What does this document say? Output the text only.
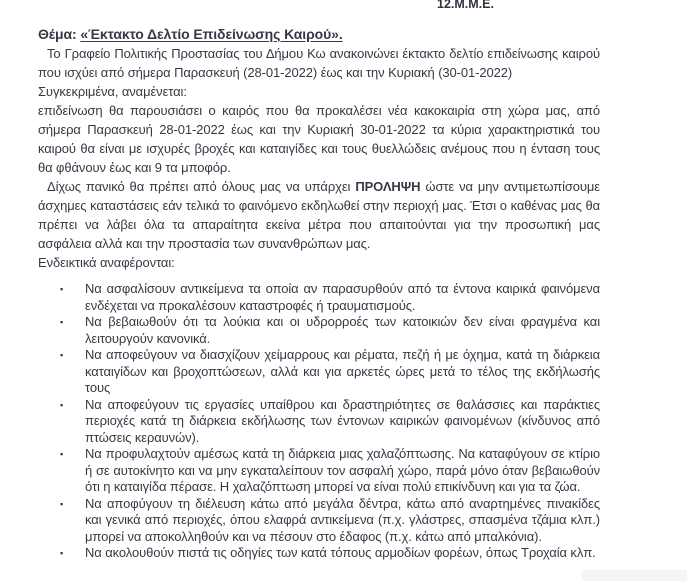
12.Μ.Μ.Ε.
Θέμα: «Έκτακτο Δελτίο Επιδείνωσης Καιρού».

Το Γραφείο Πολιτικής Προστασίας του Δήμου Κω ανακοινώνει έκτακτο δελτίο επιδείνωσης καιρού που ισχύει από σήμερα Παρασκευή (28-01-2022) έως και την Κυριακή (30-01-2022)

Συγκεκριμένα, αναμένεται:

επιδείνωση θα παρουσιάσει ο καιρός που θα προκαλέσει νέα κακοκαιρία στη χώρα μας, από σήμερα Παρασκευή 28-01-2022 έως και την Κυριακή 30-01-2022 τα κύρια χαρακτηριστικά του καιρού θα είναι με ισχυρές βροχές και καταιγίδες και τους θυελλώδεις ανέμους που η ένταση τους θα φθάνουν έως και 9 τα μποφόρ.

Δίχως πανικό θα πρέπει από όλους μας να υπάρχει ΠΡΟΛΗΨΗ ώστε να μην αντιμετωπίσουμε άσχημες καταστάσεις εάν τελικά το φαινόμενο εκδηλωθεί στην περιοχή μας. Έτσι ο καθένας μας θα πρέπει να λάβει όλα τα απαραίτητα εκείνα μέτρα που απαιτούνται για την προσωπική μας ασφάλεια αλλά και την προστασία των συνανθρώπων μας.

Ενδεικτικά αναφέρονται:

▪	Να ασφαλίσουν αντικείμενα τα οποία αν παρασυρθούν από τα έντονα καιρικά φαινόμενα ενδέχεται να προκαλέσουν καταστροφές ή τραυματισμούς.
▪	Να βεβαιωθούν ότι τα λούκια και οι υδρορροές των κατοικιών δεν είναι φραγμένα και λειτουργούν κανονικά.
▪	Να αποφεύγουν να διασχίζουν χείμαρρους και ρέματα, πεζή ή με όχημα, κατά τη διάρκεια καταιγίδων και βροχοπτώσεων, αλλά και για αρκετές ώρες μετά το τέλος της εκδήλωσής τους
▪	Να αποφεύγουν τις εργασίες υπαίθρου και δραστηριότητες σε θαλάσσιες και παράκτιες περιοχές κατά τη διάρκεια εκδήλωσης των έντονων καιρικών φαινομένων (κίνδυνος από πτώσεις κεραυνών).
▪	Να προφυλαχτούν αμέσως κατά τη διάρκεια μιας χαλαζόπτωσης. Να καταφύγουν σε κτίριο ή σε αυτοκίνητο και να μην εγκαταλείπουν τον ασφαλή χώρο, παρά μόνο όταν βεβαιωθούν ότι η καταιγίδα πέρασε. Η χαλαζόπτωση μπορεί να είναι πολύ επικίνδυνη και για τα ζώα.
▪	Να αποφύγουν τη διέλευση κάτω από μεγάλα δέντρα, κάτω από αναρτημένες πινακίδες και γενικά από περιοχές, όπου ελαφρά αντικείμενα (π.χ. γλάστρες, σπασμένα τζάμια κλπ.) μπορεί να αποκολληθούν και να πέσουν στο έδαφος (π.χ. κάτω από μπαλκόνια).
▪	Να ακολουθούν πιστά τις οδηγίες των κατά τόπους αρμοδίων φορέων, όπως Τροχαία κλπ.
